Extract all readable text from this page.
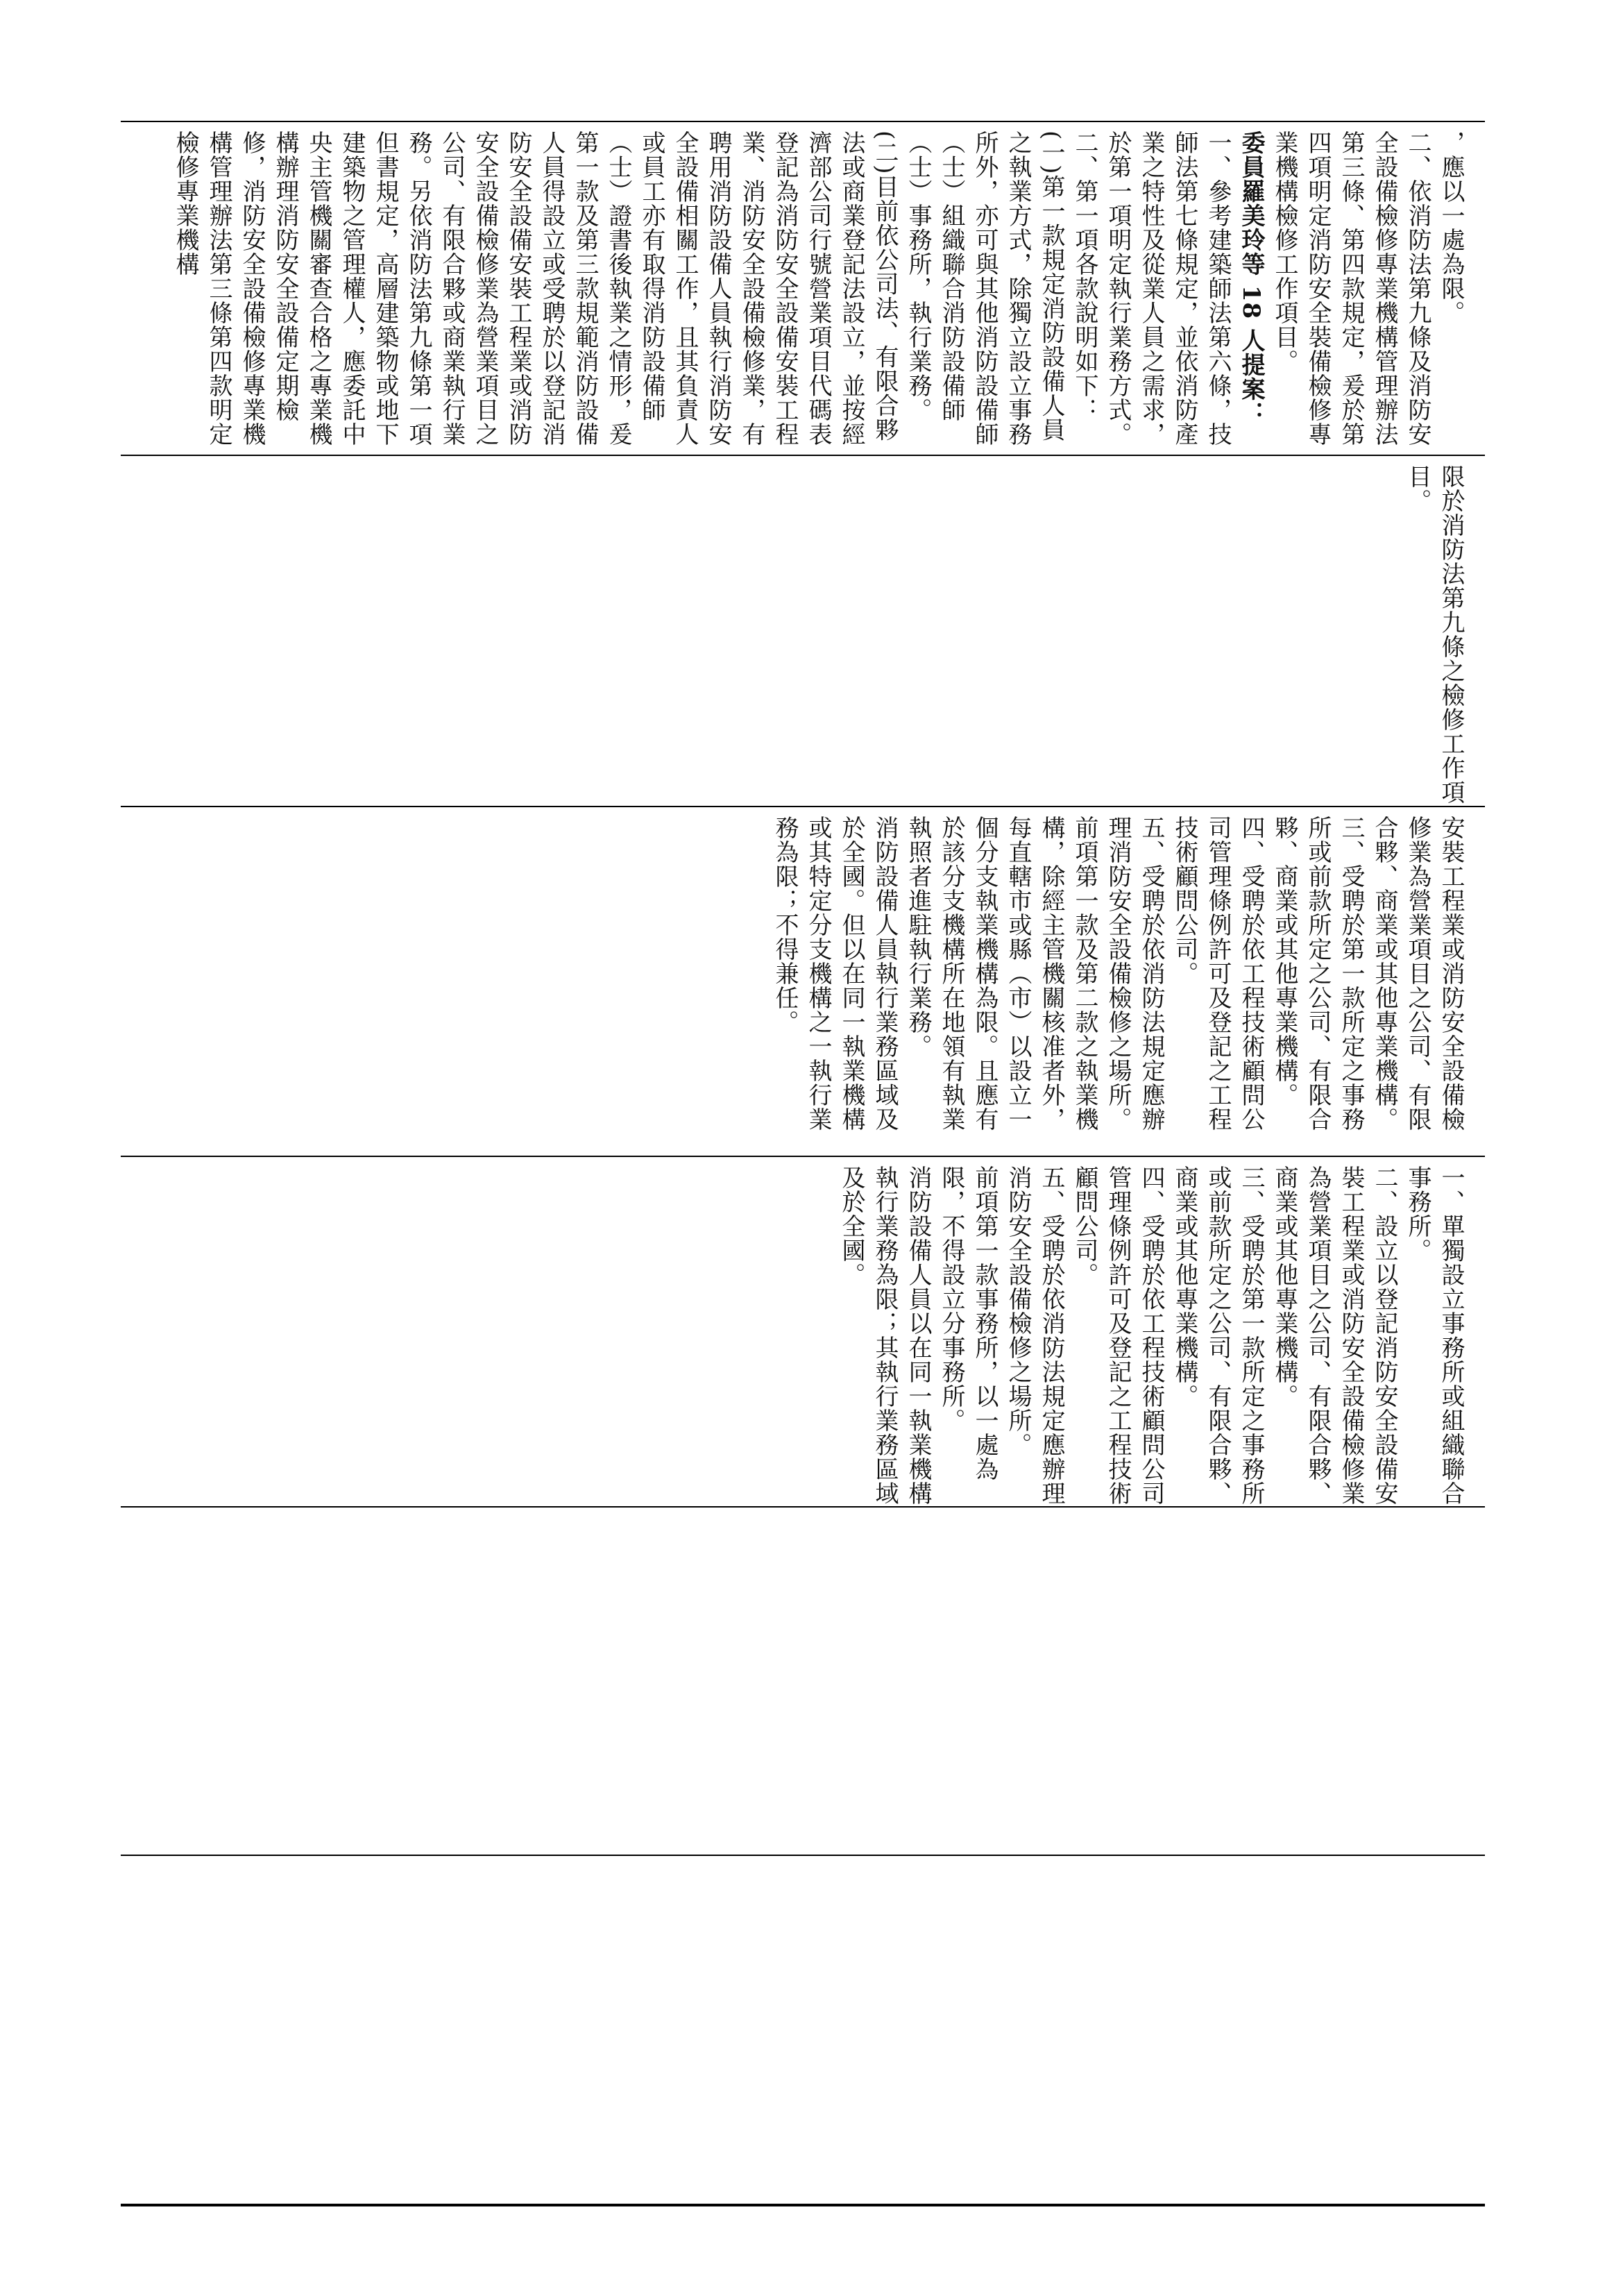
，應以一處為限。
二、依消防法第九條及消防安全設備檢修專業機構管理辦法第三條、第四款規定，爰於第四項明定消防安全裝備檢修專業機構檢修工作項目。
委員羅美玲等 18 人提案：
一、參考建築師法第六條，技師法第七條規定，並依消防產業之特性及從業人員之需求，於第一項明定執行業務方式。
二、第一項各款說明如下：
(一)第一款規定消防設備人員之執業方式，除獨立設立事務所外，亦可與其他消防設備師（士）組織聯合消防設備師（士）事務所，執行業務。
(二)目前依公司法、有限合夥法或商業登記法設立，並按經濟部公司行號營業項目代碼表登記為消防安全設備安裝工程業、消防安全設備檢修業，有聘用消防設備人員執行消防安全設備相關工作，且其負責人或員工亦有取得消防設備師（士）證書後執業之情形，爰第一款及第三款規範消防設備人員得設立或受聘於以登記消防安全設備安裝工程業或消防安全設備檢修業為營業項目之公司、有限合夥或商業執行業務。另依消防法第九條第一項但書規定，高層建築物或地下建築物之管理權人，應委託中央主管機關審查合格之專業機構辦理消防安全設備定期檢修，消防安全設備檢修專業機構管理辦法第三條第四款明定檢修專業機構
限於消防法第九條之檢修工作項目。
安裝工程業或消防安全設備檢修業為營業項目之公司、有限合夥、商業或其他專業機構。
三、受聘於第一款所定之事務所或前款所定之公司、有限合夥、商業或其他專業機構。
四、受聘於依工程技術顧問公司管理條例許可及登記之工程技術顧問公司。
五、受聘於依消防法規定應辦理消防安全設備檢修之場所。
前項第一款及第二款之執業機構，除經主管機關核准者外，每直轄市或縣（市）以設立一個分支執業機構為限。且應有於該分支機構所在地領有執業執照者進駐執行業務。
消防設備人員執行業務區域及於全國。但以在同一執業機構或其特定分支機構之一執行業務為限；不得兼任。
一、單獨設立事務所或組織聯合事務所。
二、設立以登記消防安全設備安裝工程業或消防安全設備檢修業為營業項目之公司、有限合夥、商業或其他專業機構。
三、受聘於第一款所定之事務所或前款所定之公司、有限合夥、商業或其他專業機構。
四、受聘於依工程技術顧問公司管理條例許可及登記之工程技術顧問公司。
五、受聘於依消防法規定應辦理消防安全設備檢修之場所。
前項第一款事務所，以一處為限，不得設立分事務所。
消防設備人員以在同一執業機構執行業務為限；其執行業務區域及於全國。
